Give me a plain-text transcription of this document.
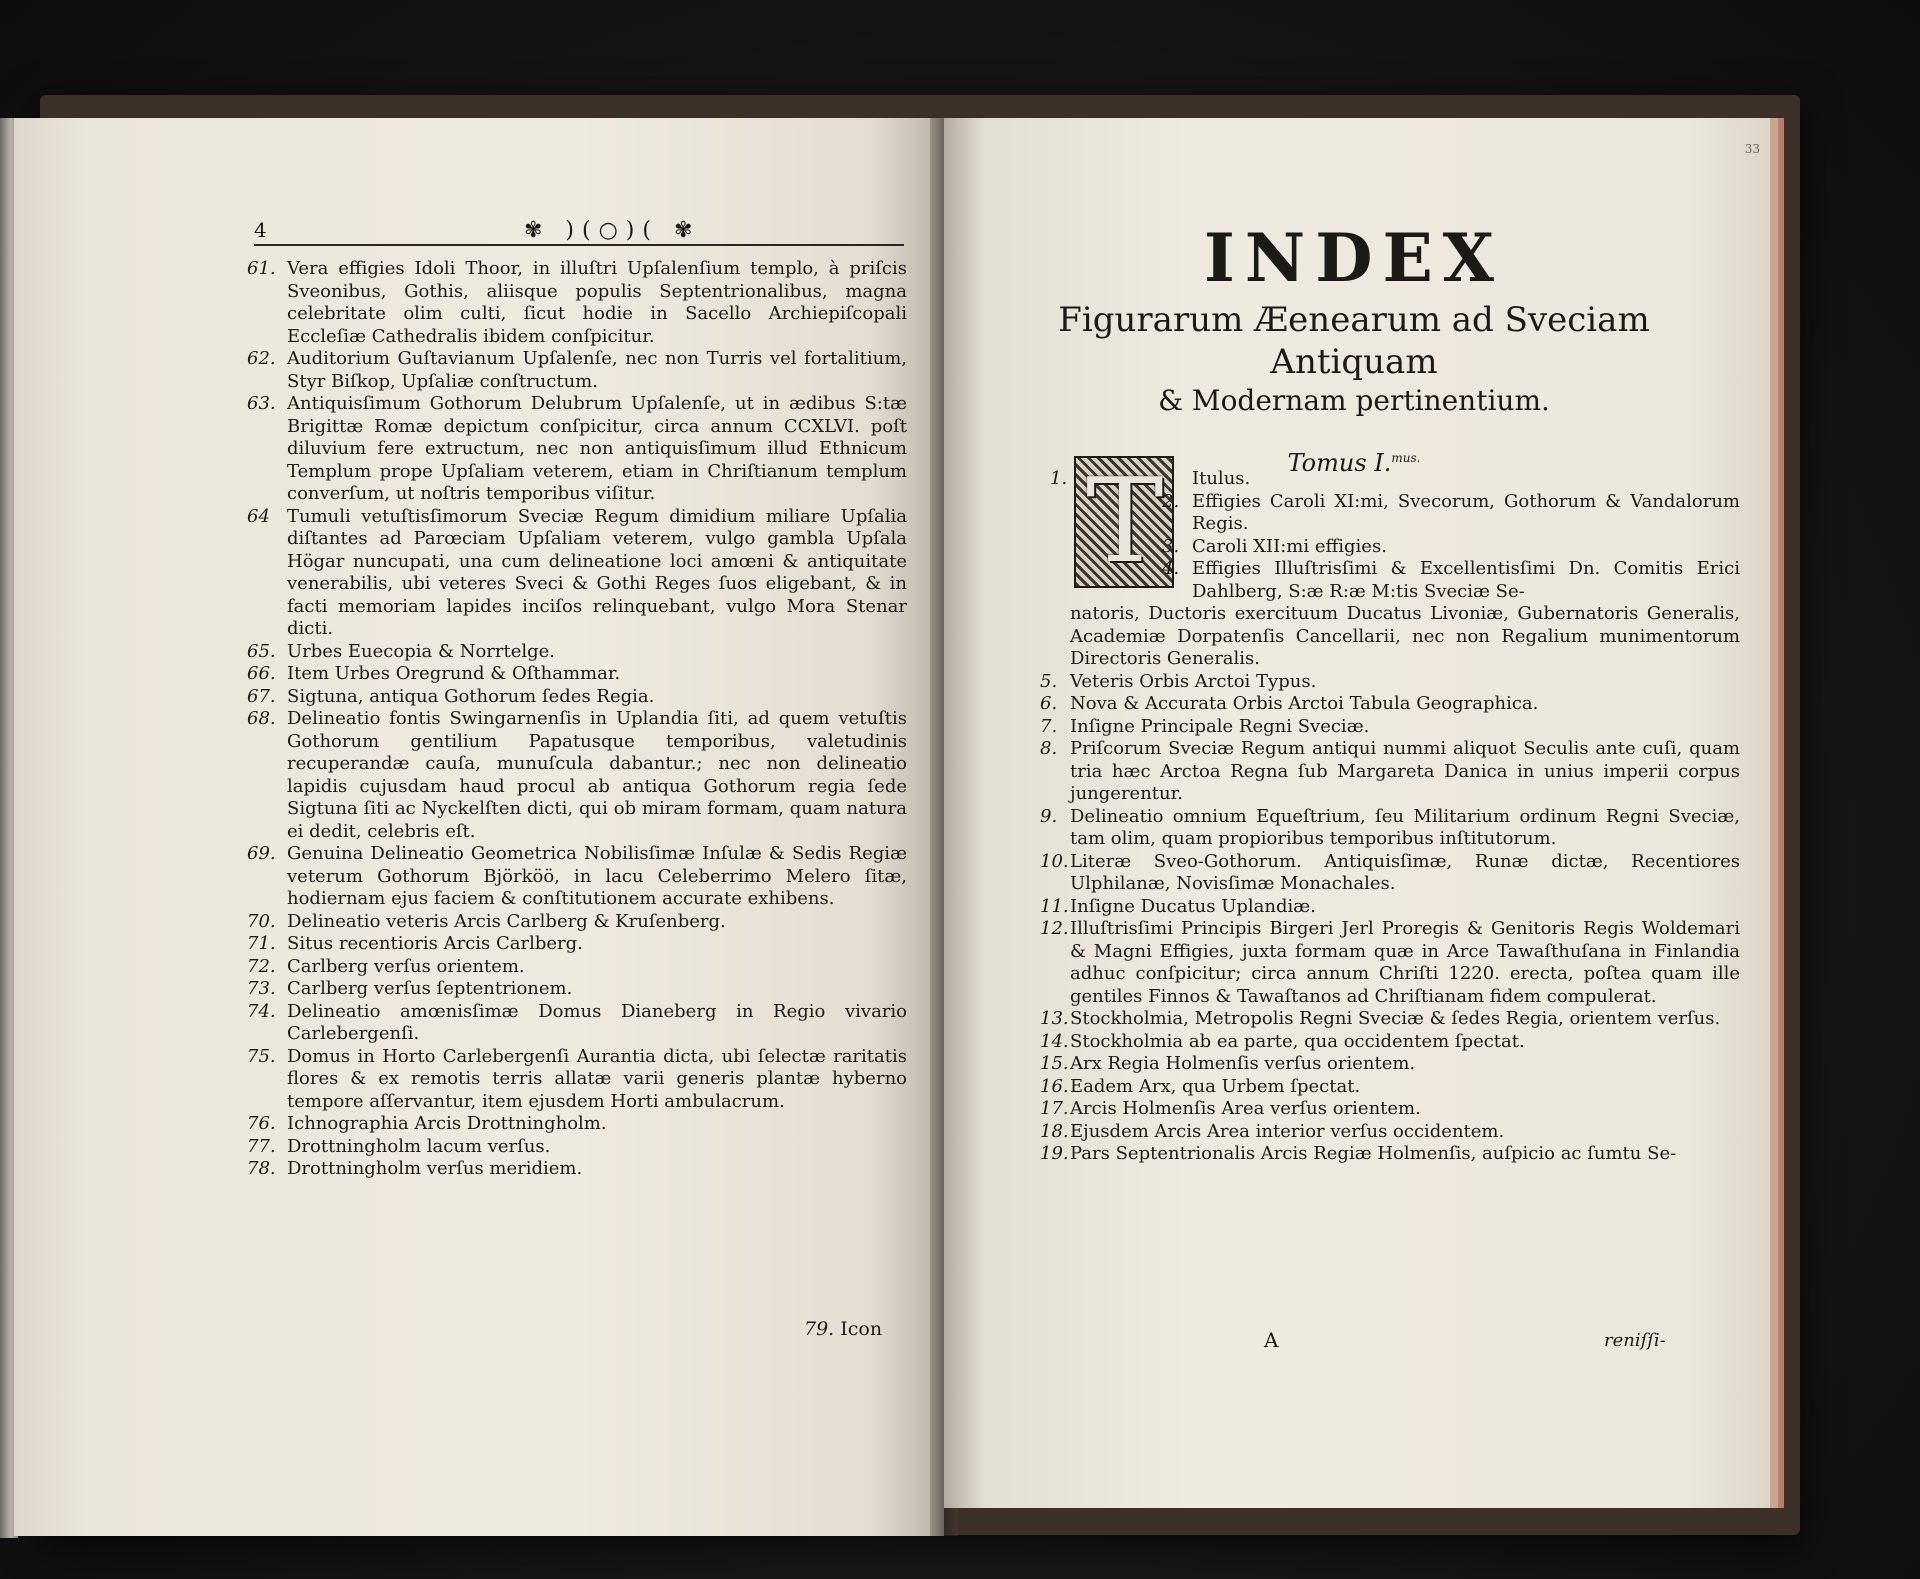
4	✾ )(○)( ✾
61. Vera effigies Idoli Thoor, in illuſtri Upſalenſium templo, à priſcis Sveonibus, Gothis, aliisque populis Septentrionalibus, magna celebritate olim culti, ſicut hodie in Sacello Archiepiſcopali Eccleſiæ Cathedralis ibidem conſpicitur.
62. Auditorium Guſtavianum Upſalenſe, nec non Turris vel fortalitium, Styr Biſkop, Upſaliæ conſtructum.
63. Antiquisſimum Gothorum Delubrum Upſalenſe, ut in ædibus S:tæ Brigittæ Romæ depictum conſpicitur, circa annum CCXLVI. poſt diluvium fere extructum, nec non antiquisſimum illud Ethnicum Templum prope Upſaliam veterem, etiam in Chriſtianum templum converſum, ut noſtris temporibus viſitur.
64 Tumuli vetuſtisſimorum Sveciæ Regum dimidium miliare Upſalia diſtantes ad Parœciam Upſaliam veterem, vulgo gambla Upſala Högar nuncupati, una cum delineatione loci amœni & antiquitate venerabilis, ubi veteres Sveci & Gothi Reges ſuos eligebant, & in facti memoriam lapides inciſos relinquebant, vulgo Mora Stenar dicti.
65. Urbes Euecopia & Norrtelge.
66. Item Urbes Oregrund & Oſthammar.
67. Sigtuna, antiqua Gothorum ſedes Regia.
68. Delineatio fontis Swingarnenſis in Uplandia ſiti, ad quem vetuſtis Gothorum gentilium Papatusque temporibus, valetudinis recuperandæ cauſa, munuſcula dabantur.; nec non delineatio lapidis cujusdam haud procul ab antiqua Gothorum regia ſede Sigtuna ſiti ac Nyckelſten dicti, qui ob miram formam, quam natura ei dedit, celebris eſt.
69. Genuina Delineatio Geometrica Nobilisſimæ Inſulæ & Sedis Regiæ veterum Gothorum Björköö, in lacu Celeberrimo Melero ſitæ, hodiernam ejus faciem & conſtitutionem accurate exhibens.
70. Delineatio veteris Arcis Carlberg & Kruſenberg.
71. Situs recentioris Arcis Carlberg.
72. Carlberg verſus orientem.
73. Carlberg verſus ſeptentrionem.
74. Delineatio amœnisſimæ Domus Dianeberg in Regio vivario Carlebergenſi.
75. Domus in Horto Carlebergenſi Aurantia dicta, ubi ſelectæ raritatis flores & ex remotis terris allatæ varii generis plantæ hyberno tempore aſſervantur, item ejusdem Horti ambulacrum.
76. Ichnographia Arcis Drottningholm.
77. Drottningholm lacum verſus.
78. Drottningholm verſus meridiem.
79. Icon
33
INDEX
Figurarum Æenearum ad Sveciam Antiquam
& Modernam pertinentium.
Tomus I.$^{mus.}$
1. T	Itulus.
2. Effigies Caroli XI:mi, Svecorum, Gothorum & Vandalorum Regis.
3. Caroli XII:mi effigies.
4. Effigies Illuſtrisſimi & Excellentisſimi Dn. Comitis Erici Dahlberg, S:æ R:æ M:tis Sveciæ Se-
natoris, Ductoris exercituum Ducatus Livoniæ, Gubernatoris Generalis, Academiæ Dorpatenſis Cancellarii, nec non Regalium munimentorum Directoris Generalis.
5. Veteris Orbis Arctoi Typus.
6. Nova & Accurata Orbis Arctoi Tabula Geographica.
7. Inſigne Principale Regni Sveciæ.
8. Priſcorum Sveciæ Regum antiqui nummi aliquot Seculis ante cuſi, quam tria hæc Arctoa Regna ſub Margareta Danica in unius imperii corpus jungerentur.
9. Delineatio omnium Equeſtrium, ſeu Militarium ordinum Regni Sveciæ, tam olim, quam propioribus temporibus inſtitutorum.
10. Literæ Sveo-Gothorum. Antiquisſimæ, Runæ dictæ, Recentiores Ulphilanæ, Novisſimæ Monachales.
11. Inſigne Ducatus Uplandiæ.
12. Illuſtrisſimi Principis Birgeri Jerl Proregis & Genitoris Regis Woldemari & Magni Effigies, juxta formam quæ in Arce Tawaſthuſana in Finlandia adhuc conſpicitur; circa annum Chriſti 1220. erecta, poſtea quam ille gentiles Finnos & Tawaſtanos ad Chriſtianam fidem compulerat.
13. Stockholmia, Metropolis Regni Sveciæ & ſedes Regia, orientem verſus.
14. Stockholmia ab ea parte, qua occidentem ſpectat.
15. Arx Regia Holmenſis verſus orientem.
16. Eadem Arx, qua Urbem ſpectat.
17. Arcis Holmenſis Area verſus orientem.
18. Ejusdem Arcis Area interior verſus occidentem.
19. Pars Septentrionalis Arcis Regiæ Holmenſis, auſpicio ac ſumtu Se-
A	reniſſi-
